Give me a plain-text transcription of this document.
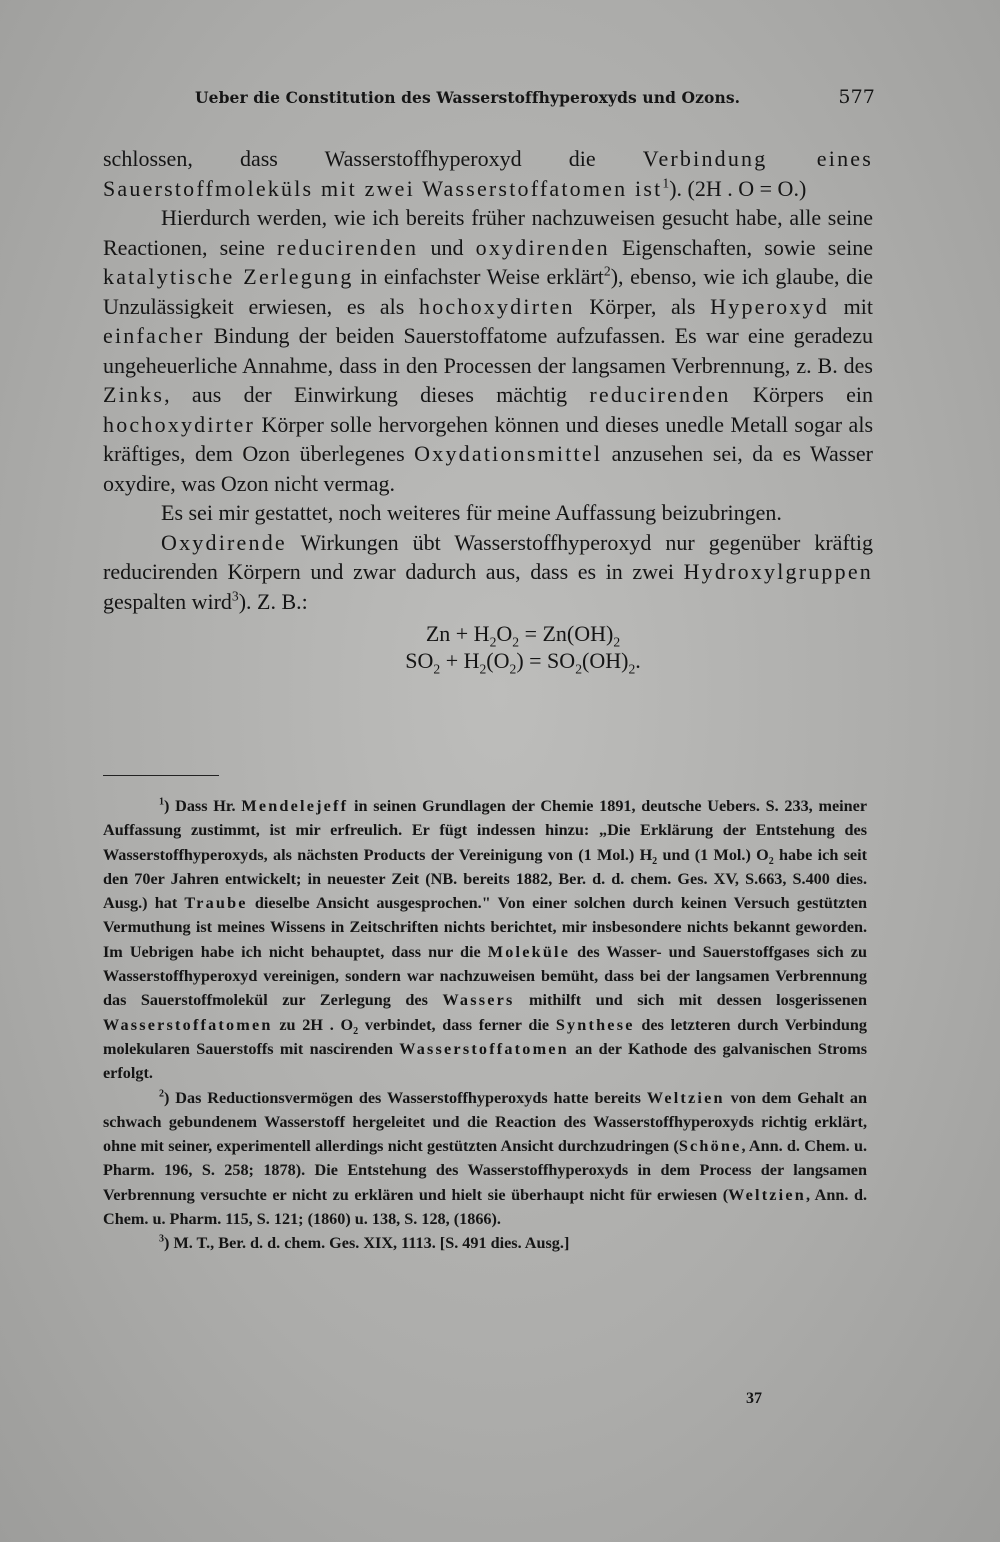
Ueber die Constitution des Wasserstoffhyperoxyds und Ozons.	577

schlossen, dass Wasserstoffhyperoxyd die Verbindung eines Sauerstoffmoleküls mit zwei Wasserstoffatomen ist$^1$). (2H . O = O.)

Hierdurch werden, wie ich bereits früher nachzuweisen gesucht habe, alle seine Reactionen, seine reducirenden und oxydirenden Eigenschaften, sowie seine katalytische Zerlegung in einfachster Weise erklärt$^2$), ebenso, wie ich glaube, die Unzulässigkeit erwiesen, es als hochoxydirten Körper, als Hyperoxyd mit einfacher Bindung der beiden Sauerstoffatome aufzufassen. Es war eine geradezu ungeheuerliche Annahme, dass in den Processen der langsamen Verbrennung, z. B. des Zinks, aus der Einwirkung dieses mächtig reducirenden Körpers ein hochoxydirter Körper solle hervorgehen können und dieses unedle Metall sogar als kräftiges, dem Ozon überlegenes Oxydationsmittel anzusehen sei, da es Wasser oxydire, was Ozon nicht vermag.

Es sei mir gestattet, noch weiteres für meine Auffassung beizubringen.

Oxydirende Wirkungen übt Wasserstoffhyperoxyd nur gegenüber kräftig reducirenden Körpern und zwar dadurch aus, dass es in zwei Hydroxylgruppen gespalten wird$^3$). Z. B.:

$Zn + H_2O_2 = Zn(OH)_2$
$SO_2 + H_2(O_2) = SO_2(OH)_2$.

$^1$) Dass Hr. Mendelejeff in seinen Grundlagen der Chemie 1891, deutsche Uebers. S. 233, meiner Auffassung zustimmt, ist mir erfreulich. Er fügt indessen hinzu: „Die Erklärung der Entstehung des Wasserstoffhyperoxyds, als nächsten Products der Vereinigung von (1 Mol.) $H_2$ und (1 Mol.) $O_2$ habe ich seit den 70er Jahren entwickelt; in neuester Zeit (NB. bereits 1882, Ber. d. d. chem. Ges. XV, S.663, S.400 dies. Ausg.) hat Traube dieselbe Ansicht ausgesprochen." Von einer solchen durch keinen Versuch gestützten Vermuthung ist meines Wissens in Zeitschriften nichts berichtet, mir insbesondere nichts bekannt geworden. Im Uebrigen habe ich nicht behauptet, dass nur die Moleküle des Wasser- und Sauerstoffgases sich zu Wasserstoffhyperoxyd vereinigen, sondern war nachzuweisen bemüht, dass bei der langsamen Verbrennung das Sauerstoffmolekül zur Zerlegung des Wassers mithilft und sich mit dessen losgerissenen Wasserstoffatomen zu 2H . $O_2$ verbindet, dass ferner die Synthese des letzteren durch Verbindung molekularen Sauerstoffs mit nascirenden Wasserstoffatomen an der Kathode des galvanischen Stroms erfolgt.

$^2$) Das Reductionsvermögen des Wasserstoffhyperoxyds hatte bereits Weltzien von dem Gehalt an schwach gebundenem Wasserstoff hergeleitet und die Reaction des Wasserstoffhyperoxyds richtig erklärt, ohne mit seiner, experimentell allerdings nicht gestützten Ansicht durchzudringen (Schöne, Ann. d. Chem. u. Pharm. 196, S. 258; 1878). Die Entstehung des Wasserstoffhyperoxyds in dem Process der langsamen Verbrennung versuchte er nicht zu erklären und hielt sie überhaupt nicht für erwiesen (Weltzien, Ann. d. Chem. u. Pharm. 115, S. 121; (1860) u. 138, S. 128, (1866).

$^3$) M. T., Ber. d. d. chem. Ges. XIX, 1113. [S. 491 dies. Ausg.]

37
